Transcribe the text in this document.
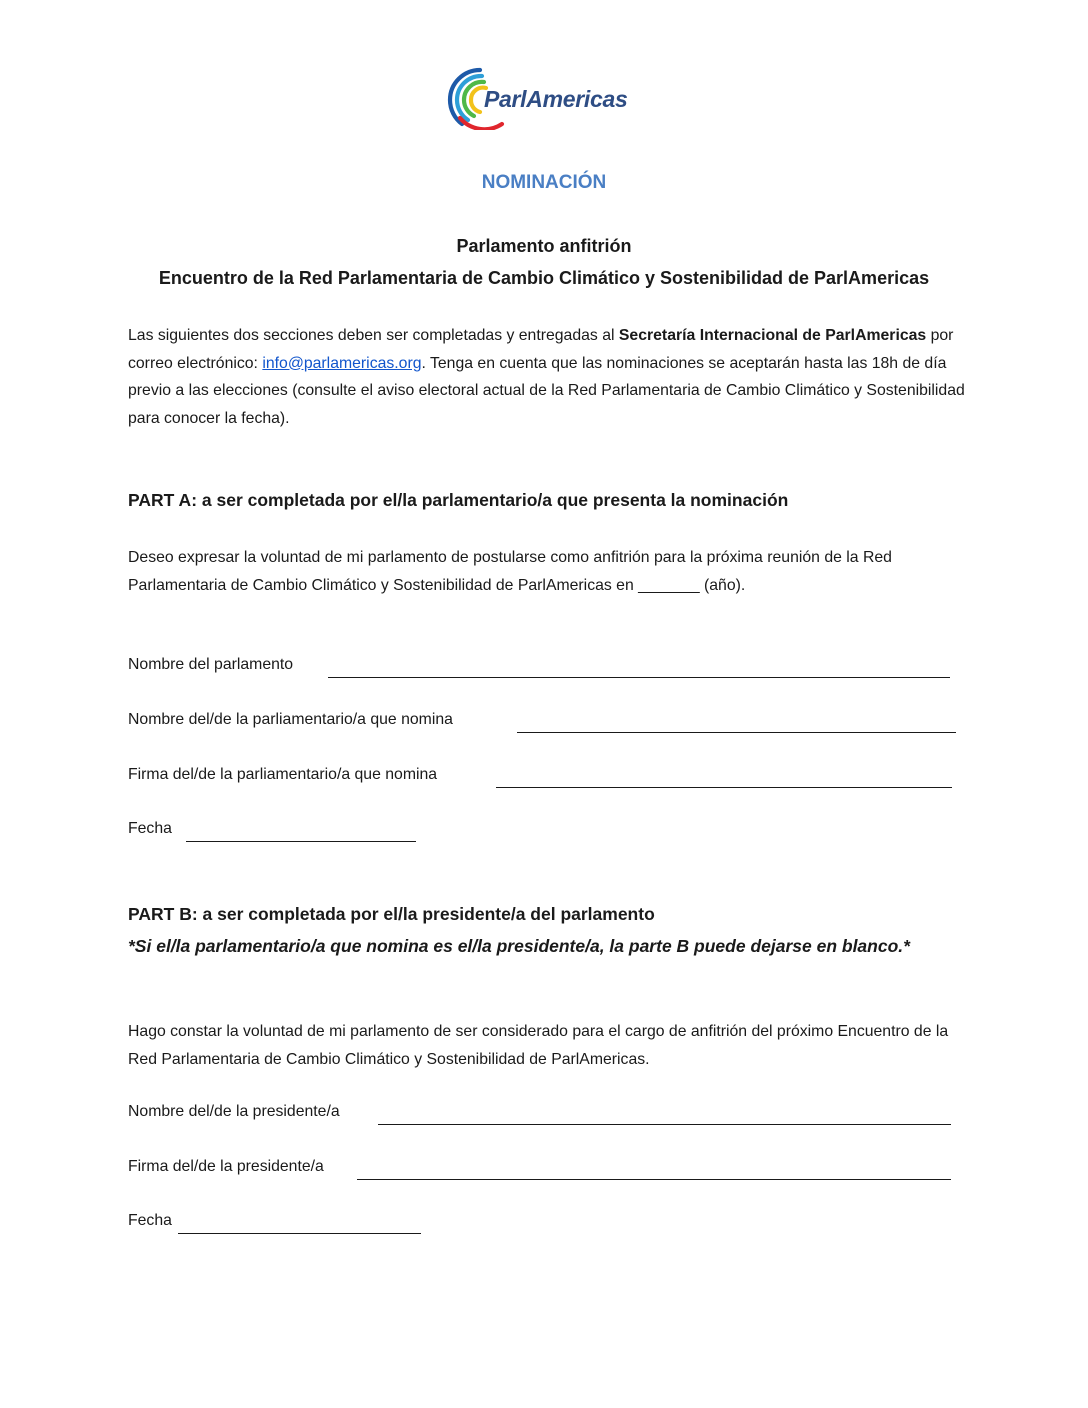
ParlAmericas
NOMINACIÓN
Parlamento anfitrión
Encuentro de la Red Parlamentaria de Cambio Climático y Sostenibilidad de ParlAmericas
Las siguientes dos secciones deben ser completadas y entregadas al Secretaría Internacional de ParlAmericas por correo electrónico: info@parlamericas.org. Tenga en cuenta que las nominaciones se aceptarán hasta las 18h de día previo a las elecciones (consulte el aviso electoral actual de la Red Parlamentaria de Cambio Climático y Sostenibilidad para conocer la fecha).
PART A: a ser completada por el/la parlamentario/a que presenta la nominación
Deseo expresar la voluntad de mi parlamento de postularse como anfitrión para la próxima reunión de la Red Parlamentaria de Cambio Climático y Sostenibilidad de ParlAmericas en _______ (año).
Nombre del parlamento
Nombre del/de la parliamentario/a que nomina
Firma del/de la parliamentario/a que nomina
Fecha
PART B: a ser completada por el/la presidente/a del parlamento
*Si el/la parlamentario/a que nomina es el/la presidente/a, la parte B puede dejarse en blanco.*
Hago constar la voluntad de mi parlamento de ser considerado para el cargo de anfitrión del próximo Encuentro de la Red Parlamentaria de Cambio Climático y Sostenibilidad de ParlAmericas.
Nombre del/de la presidente/a
Firma del/de la presidente/a
Fecha
